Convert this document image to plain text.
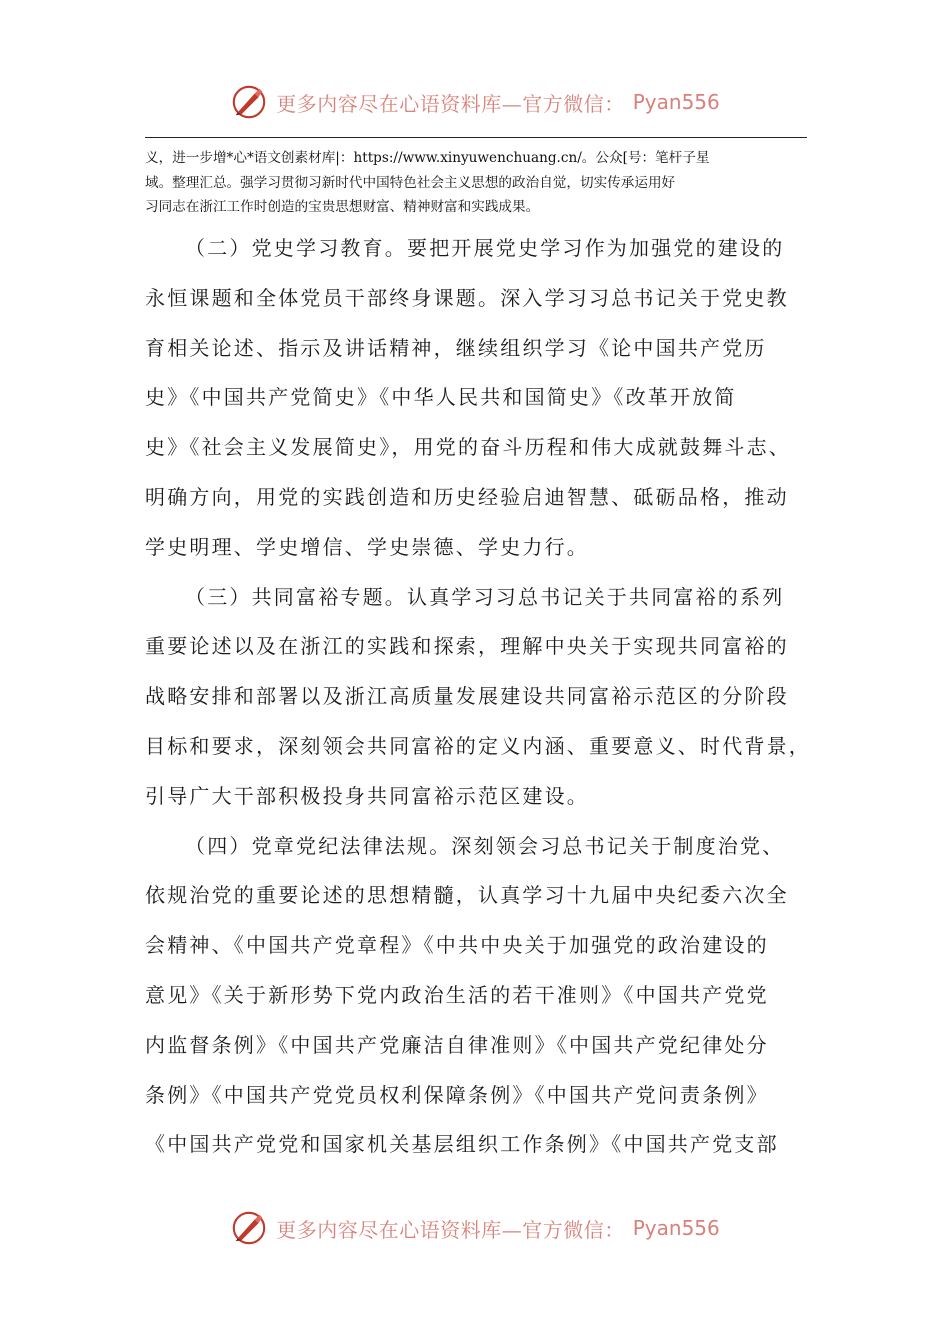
更多内容尽在心语资料库—官方微信： Pyan556
义，进一步增*心*语文创素材库|：https://www.xinyuwenchuang.cn/。公众[号：笔杆子星
域。整理汇总。强学习贯彻习新时代中国特色社会主义思想的政治自觉，切实传承运用好
习同志在浙江工作时创造的宝贵思想财富、精神财富和实践成果。
（二）党史学习教育。要把开展党史学习作为加强党的建设的
永恒课题和全体党员干部终身课题。深入学习习总书记关于党史教
育相关论述、指示及讲话精神，继续组织学习《论中国共产党历
史》《中国共产党简史》《中华人民共和国简史》《改革开放简
史》《社会主义发展简史》，用党的奋斗历程和伟大成就鼓舞斗志、
明确方向，用党的实践创造和历史经验启迪智慧、砥砺品格，推动
学史明理、学史增信、学史崇德、学史力行。
（三）共同富裕专题。认真学习习总书记关于共同富裕的系列
重要论述以及在浙江的实践和探索，理解中央关于实现共同富裕的
战略安排和部署以及浙江高质量发展建设共同富裕示范区的分阶段
目标和要求，深刻领会共同富裕的定义内涵、重要意义、时代背景，
引导广大干部积极投身共同富裕示范区建设。
（四）党章党纪法律法规。深刻领会习总书记关于制度治党、
依规治党的重要论述的思想精髓，认真学习十九届中央纪委六次全
会精神、《中国共产党章程》《中共中央关于加强党的政治建设的
意见》《关于新形势下党内政治生活的若干准则》《中国共产党党
内监督条例》《中国共产党廉洁自律准则》《中国共产党纪律处分
条例》《中国共产党党员权利保障条例》《中国共产党问责条例》
《中国共产党党和国家机关基层组织工作条例》《中国共产党支部
更多内容尽在心语资料库—官方微信： Pyan556
